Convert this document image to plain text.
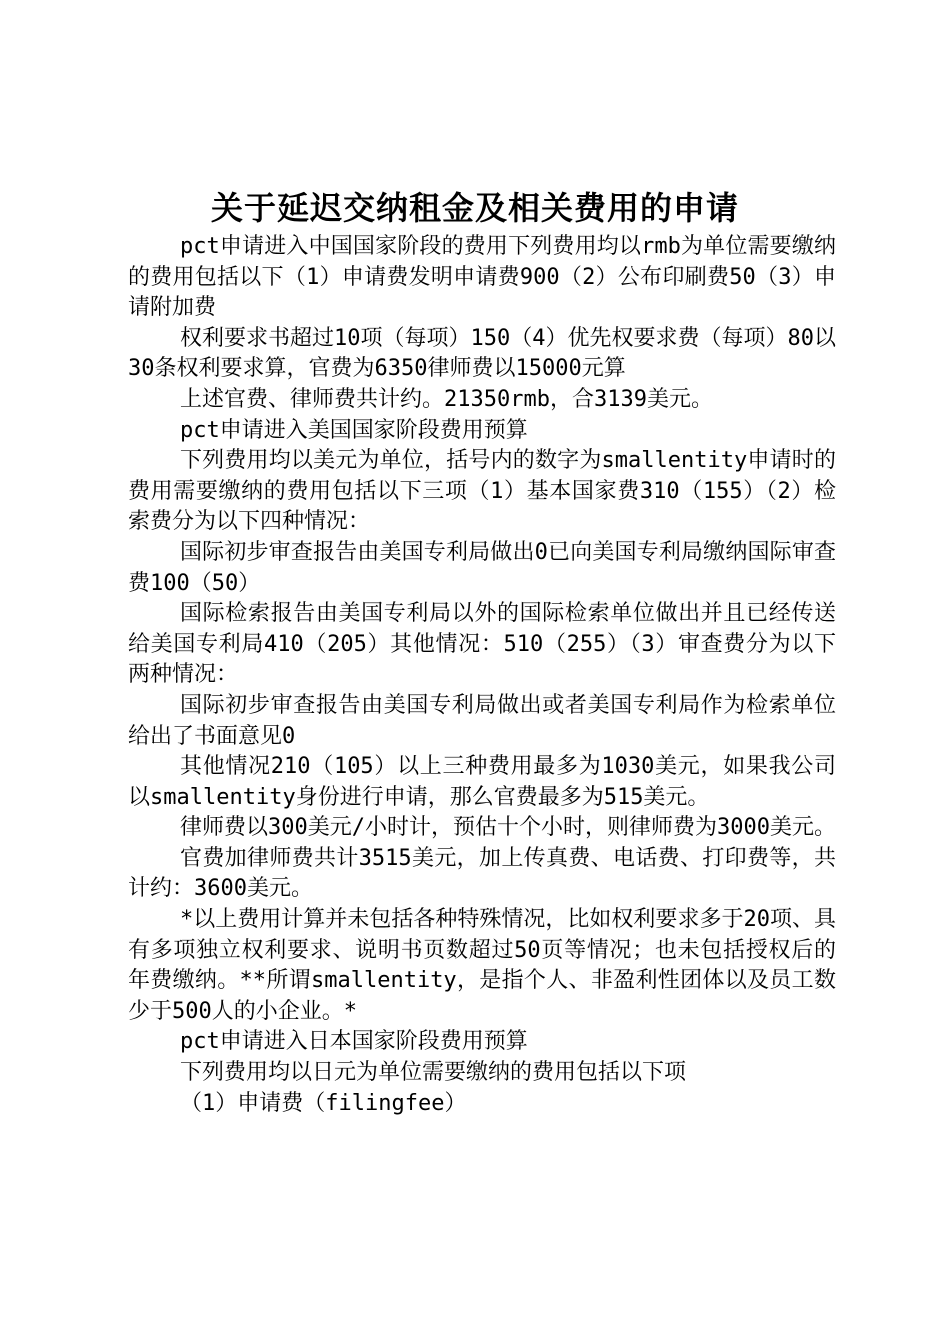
关于延迟交纳租金及相关费用的申请

pct申请进入中国国家阶段的费用下列费用均以rmb为单位需要缴纳的费用包括以下（1）申请费发明申请费900（2）公布印刷费50（3）申请附加费

权利要求书超过10项（每项）150（4）优先权要求费（每项）80以30条权利要求算，官费为6350律师费以15000元算

上述官费、律师费共计约。21350rmb，合3139美元。

pct申请进入美国国家阶段费用预算

下列费用均以美元为单位，括号内的数字为smallentity申请时的费用需要缴纳的费用包括以下三项（1）基本国家费310（155）（2）检索费分为以下四种情况：

国际初步审查报告由美国专利局做出0已向美国专利局缴纳国际审查费100（50）

国际检索报告由美国专利局以外的国际检索单位做出并且已经传送给美国专利局410（205）其他情况：510（255）（3）审查费分为以下两种情况：

国际初步审查报告由美国专利局做出或者美国专利局作为检索单位给出了书面意见0

其他情况210（105）以上三种费用最多为1030美元，如果我公司以smallentity身份进行申请，那么官费最多为515美元。

律师费以300美元/小时计，预估十个小时，则律师费为3000美元。

官费加律师费共计3515美元，加上传真费、电话费、打印费等，共计约：3600美元。

*以上费用计算并未包括各种特殊情况，比如权利要求多于20项、具有多项独立权利要求、说明书页数超过50页等情况；也未包括授权后的年费缴纳。**所谓smallentity，是指个人、非盈利性团体以及员工数少于500人的小企业。*

pct申请进入日本国家阶段费用预算

下列费用均以日元为单位需要缴纳的费用包括以下项

（1）申请费（filingfee）
